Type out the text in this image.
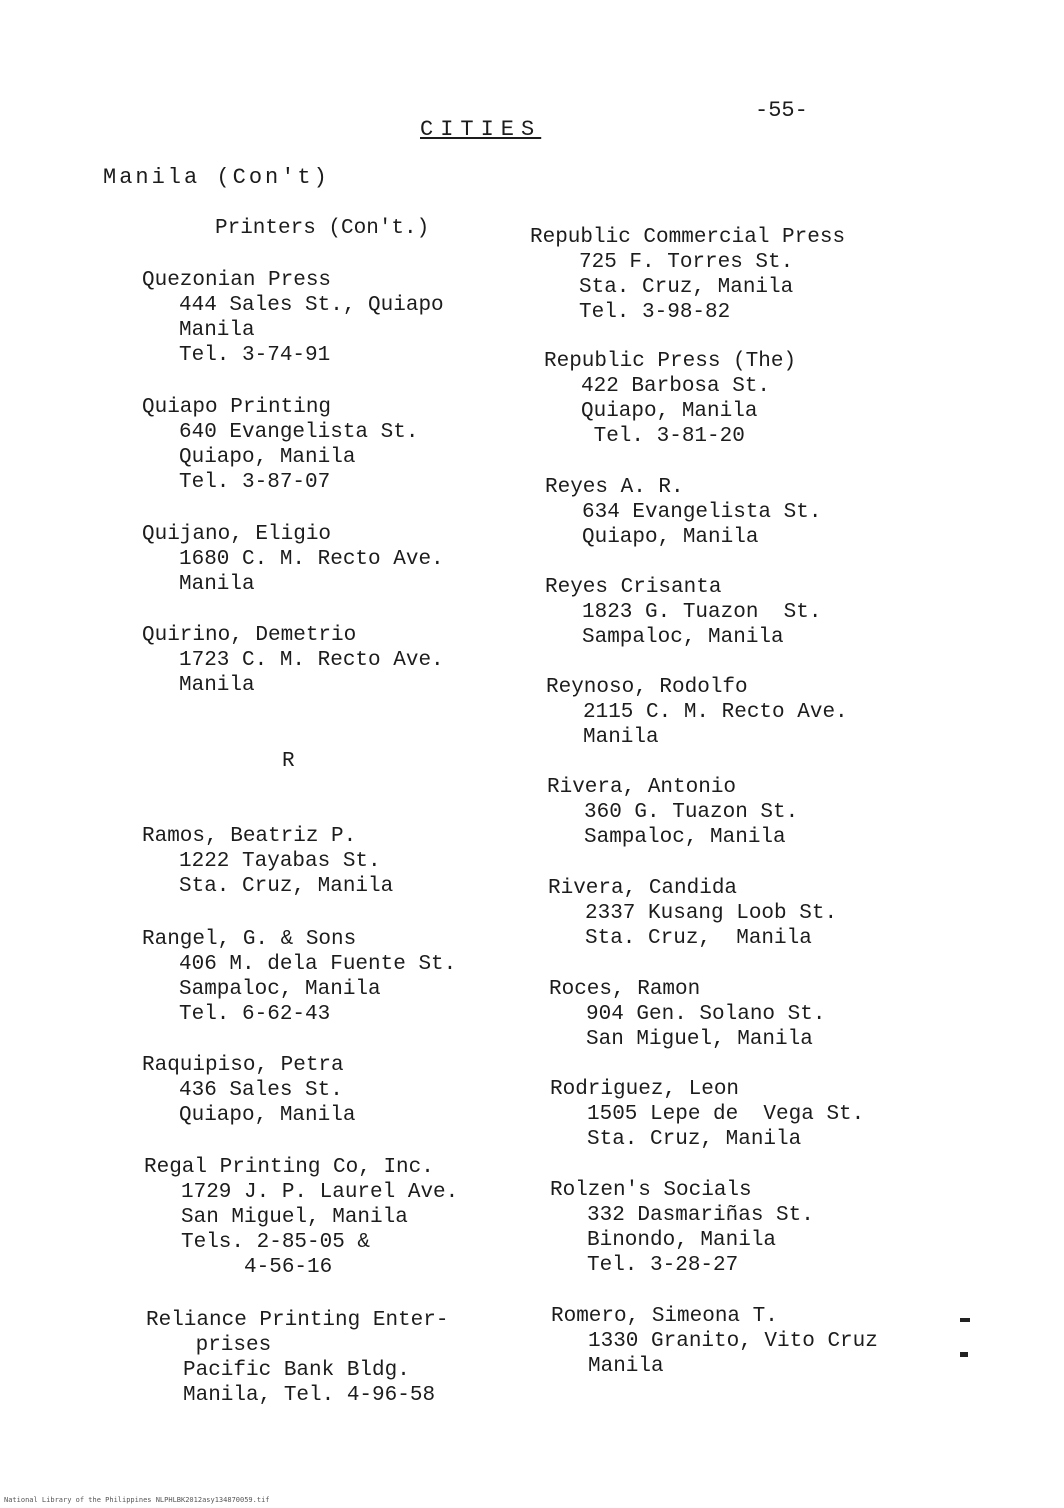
-55-
CITIES
Manila (Con't)
Printers (Con't.)
R
Quezonian Press
444 Sales St., Quiapo
Manila
Tel. 3-74-91
Quiapo Printing
640 Evangelista St.
Quiapo, Manila
Tel. 3-87-07
Quijano, Eligio
1680 C. M. Recto Ave.
Manila
Quirino, Demetrio
1723 C. M. Recto Ave.
Manila
Ramos, Beatriz P.
1222 Tayabas St.
Sta. Cruz, Manila
Rangel, G. & Sons
406 M. dela Fuente St.
Sampaloc, Manila
Tel. 6-62-43
Raquipiso, Petra
436 Sales St.
Quiapo, Manila
Regal Printing Co, Inc.
1729 J. P. Laurel Ave.
San Miguel, Manila
Tels. 2-85-05 &
4-56-16
Reliance Printing Enter-
prises
Pacific Bank Bldg.
Manila, Tel. 4-96-58
Republic Commercial Press
725 F. Torres St.
Sta. Cruz, Manila
Tel. 3-98-82
Republic Press (The)
422 Barbosa St.
Quiapo, Manila
Tel. 3-81-20
Reyes A. R.
634 Evangelista St.
Quiapo, Manila
Reyes Crisanta
1823 G. Tuazon  St.
Sampaloc, Manila
Reynoso, Rodolfo
2115 C. M. Recto Ave.
Manila
Rivera, Antonio
360 G. Tuazon St.
Sampaloc, Manila
Rivera, Candida
2337 Kusang Loob St.
Sta. Cruz,  Manila
Roces, Ramon
904 Gen. Solano St.
San Miguel, Manila
Rodriguez, Leon
1505 Lepe de  Vega St.
Sta. Cruz, Manila
Rolzen's Socials
332 Dasmariñas St.
Binondo, Manila
Tel. 3-28-27
Romero, Simeona T.
1330 Granito, Vito Cruz
Manila
National Library of the Philippines NLPHLBK2012asy134870059.tif
